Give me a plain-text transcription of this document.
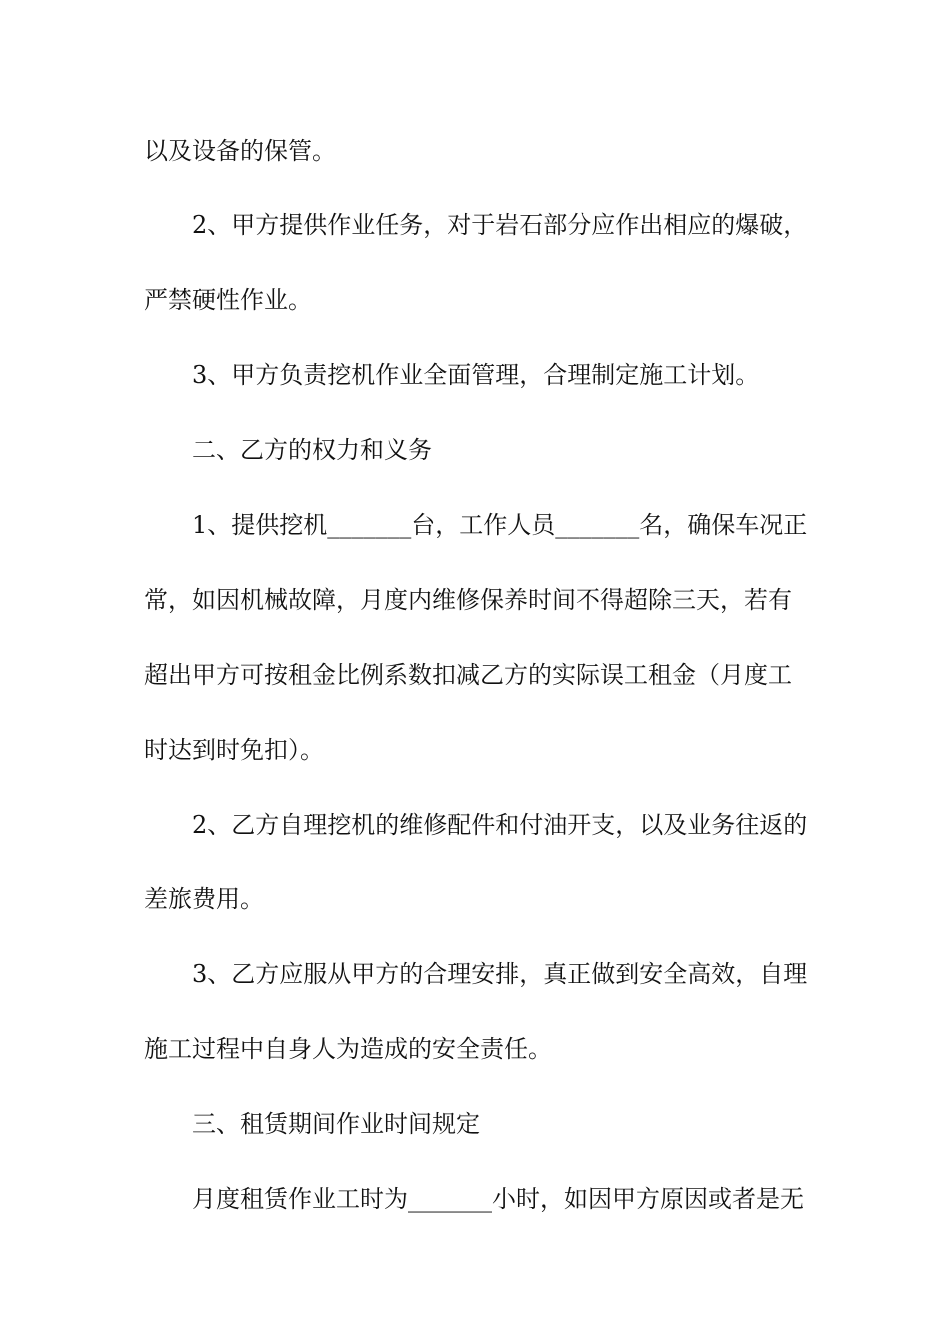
以及设备的保管。
2、甲方提供作业任务，对于岩石部分应作出相应的爆破，
严禁硬性作业。
3、甲方负责挖机作业全面管理，合理制定施工计划。
二、乙方的权力和义务
1、提供挖机_______台，工作人员_______名，确保车况正
常，如因机械故障，月度内维修保养时间不得超除三天，若有
超出甲方可按租金比例系数扣减乙方的实际误工租金（月度工
时达到时免扣）。
2、乙方自理挖机的维修配件和付油开支，以及业务往返的
差旅费用。
3、乙方应服从甲方的合理安排，真正做到安全高效，自理
施工过程中自身人为造成的安全责任。
三、租赁期间作业时间规定
月度租赁作业工时为_______小时，如因甲方原因或者是无
